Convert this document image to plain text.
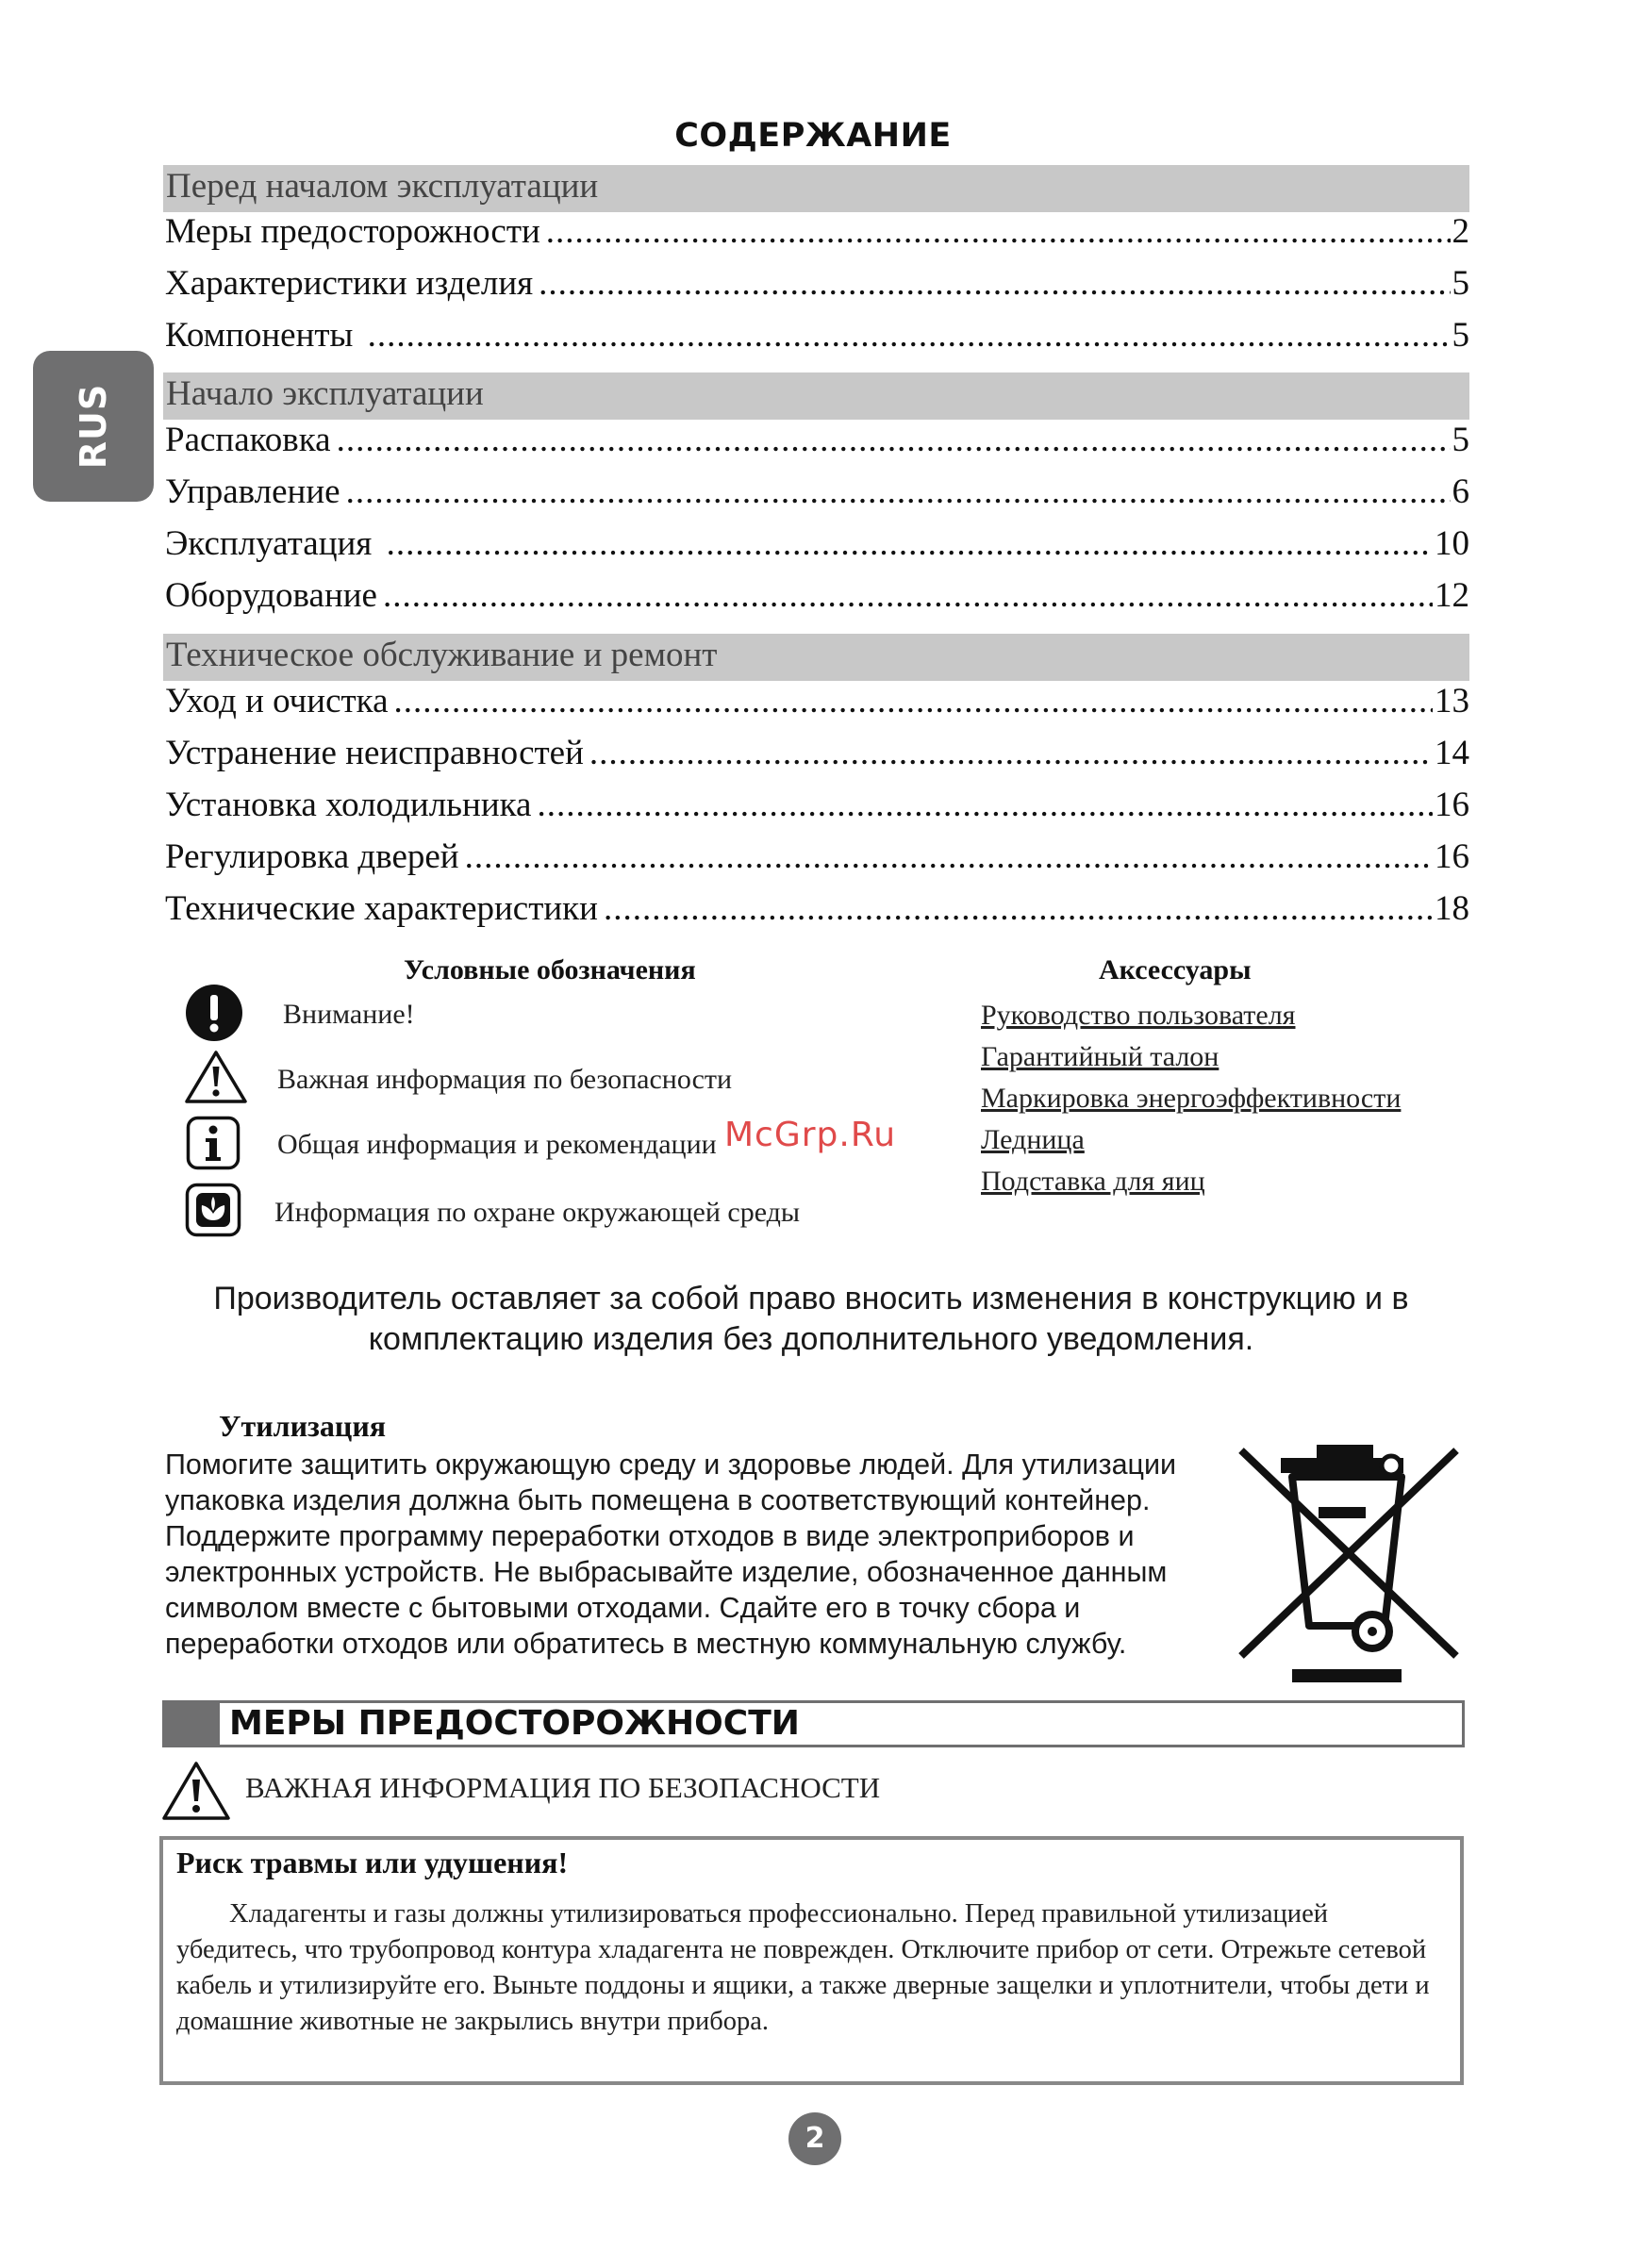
RUS
СОДЕРЖАНИЕ
Перед началом эксплуатации
Меры предосторожности .....	2
Характеристики изделия .....	5
Компоненты .....	5
Начало эксплуатации
Распаковка .....	5
Управление .....	6
Эксплуатация .....	10
Оборудование .....	12
Техническое обслуживание и ремонт
Уход и очистка .....	13
Устранение неисправностей .....	14
Установка холодильника .....	16
Регулировка дверей .....	16
Технические характеристики .....	18
Условные обозначения
Внимание!
Важная информация по безопасности
Общая информация и рекомендации
Информация по охране окружающей среды
Аксессуары
Руководство пользователя
Гарантийный талон
Маркировка энергоэффективности
Ледница
Подставка для яиц
McGrp.Ru
Производитель оставляет за собой право вносить изменения в конструкцию и в комплектацию изделия без дополнительного уведомления.
Утилизация
Помогите защитить окружающую среду и здоровье людей. Для утилизации
упаковка изделия должна быть помещена в соответствующий контейнер.
Поддержите программу переработки отходов в виде электроприборов и
электронных устройств. Не выбрасывайте изделие, обозначенное данным
символом вместе с бытовыми отходами. Сдайте его в точку сбора и
переработки отходов или обратитесь в местную коммунальную службу.
МЕРЫ ПРЕДОСТОРОЖНОСТИ
ВАЖНАЯ ИНФОРМАЦИЯ ПО БЕЗОПАСНОСТИ
Риск травмы или удушения!
Хладагенты и газы должны утилизироваться профессионально. Перед правильной утилизацией убедитесь, что трубопровод контура хладагента не поврежден. Отключите прибор от сети. Отрежьте сетевой кабель и утилизируйте его. Выньте поддоны и ящики, а также дверные защелки и уплотнители, чтобы дети и домашние животные не закрылись внутри прибора.
2
